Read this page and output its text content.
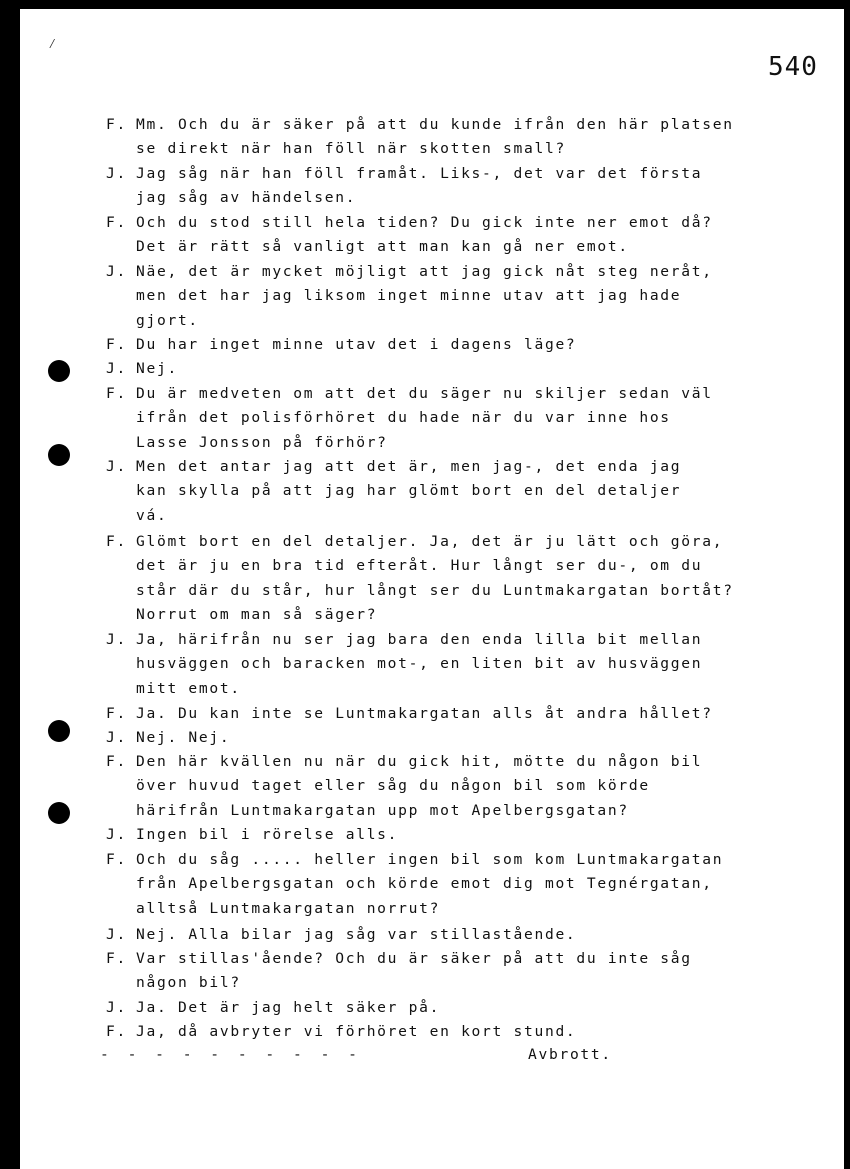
⁄
540
F. Mm. Och du är säker på att du kunde ifrån den här platsen
se direkt när han föll när skotten small?
J. Jag såg när han föll framåt. Liks-, det var det första
jag såg av händelsen.
F. Och du stod still hela tiden? Du gick inte ner emot då?
Det är rätt så vanligt att man kan gå ner emot.
J. Näe, det är mycket möjligt att jag gick nåt steg neråt,
men det har jag liksom inget minne utav att jag hade
gjort.
F. Du har inget minne utav det i dagens läge?
J. Nej.
F. Du är medveten om att det du säger nu skiljer sedan väl
ifrån det polisförhöret du hade när du var inne hos
Lasse Jonsson på förhör?
J. Men det antar jag att det är, men jag-, det enda jag
kan skylla på att jag har glömt bort en del detaljer
vá.
F. Glömt bort en del detaljer. Ja, det är ju lätt och göra,
det är ju en bra tid efteråt. Hur långt ser du-, om du
står där du står, hur långt ser du Luntmakargatan bortåt?
Norrut om man så säger?
J. Ja, härifrån nu ser jag bara den enda lilla bit mellan
husväggen och baracken mot-, en liten bit av husväggen
mitt emot.
F. Ja. Du kan inte se Luntmakargatan alls åt andra hållet?
J. Nej. Nej.
F. Den här kvällen nu när du gick hit, mötte du någon bil
över huvud taget eller såg du någon bil som körde
härifrån Luntmakargatan upp mot Apelbergsgatan?
J. Ingen bil i rörelse alls.
F. Och du såg ..... heller ingen bil som kom Luntmakargatan
från Apelbergsgatan och körde emot dig mot Tegnérgatan,
alltså Luntmakargatan norrut?
J. Nej. Alla bilar jag såg var stillastående.
F. Var stillas'ående? Och du är säker på att du inte såg
någon bil?
J. Ja. Det är jag helt säker på.
F. Ja, då avbryter vi förhöret en kort stund.
- - - - - - - - - -	Avbrott.
